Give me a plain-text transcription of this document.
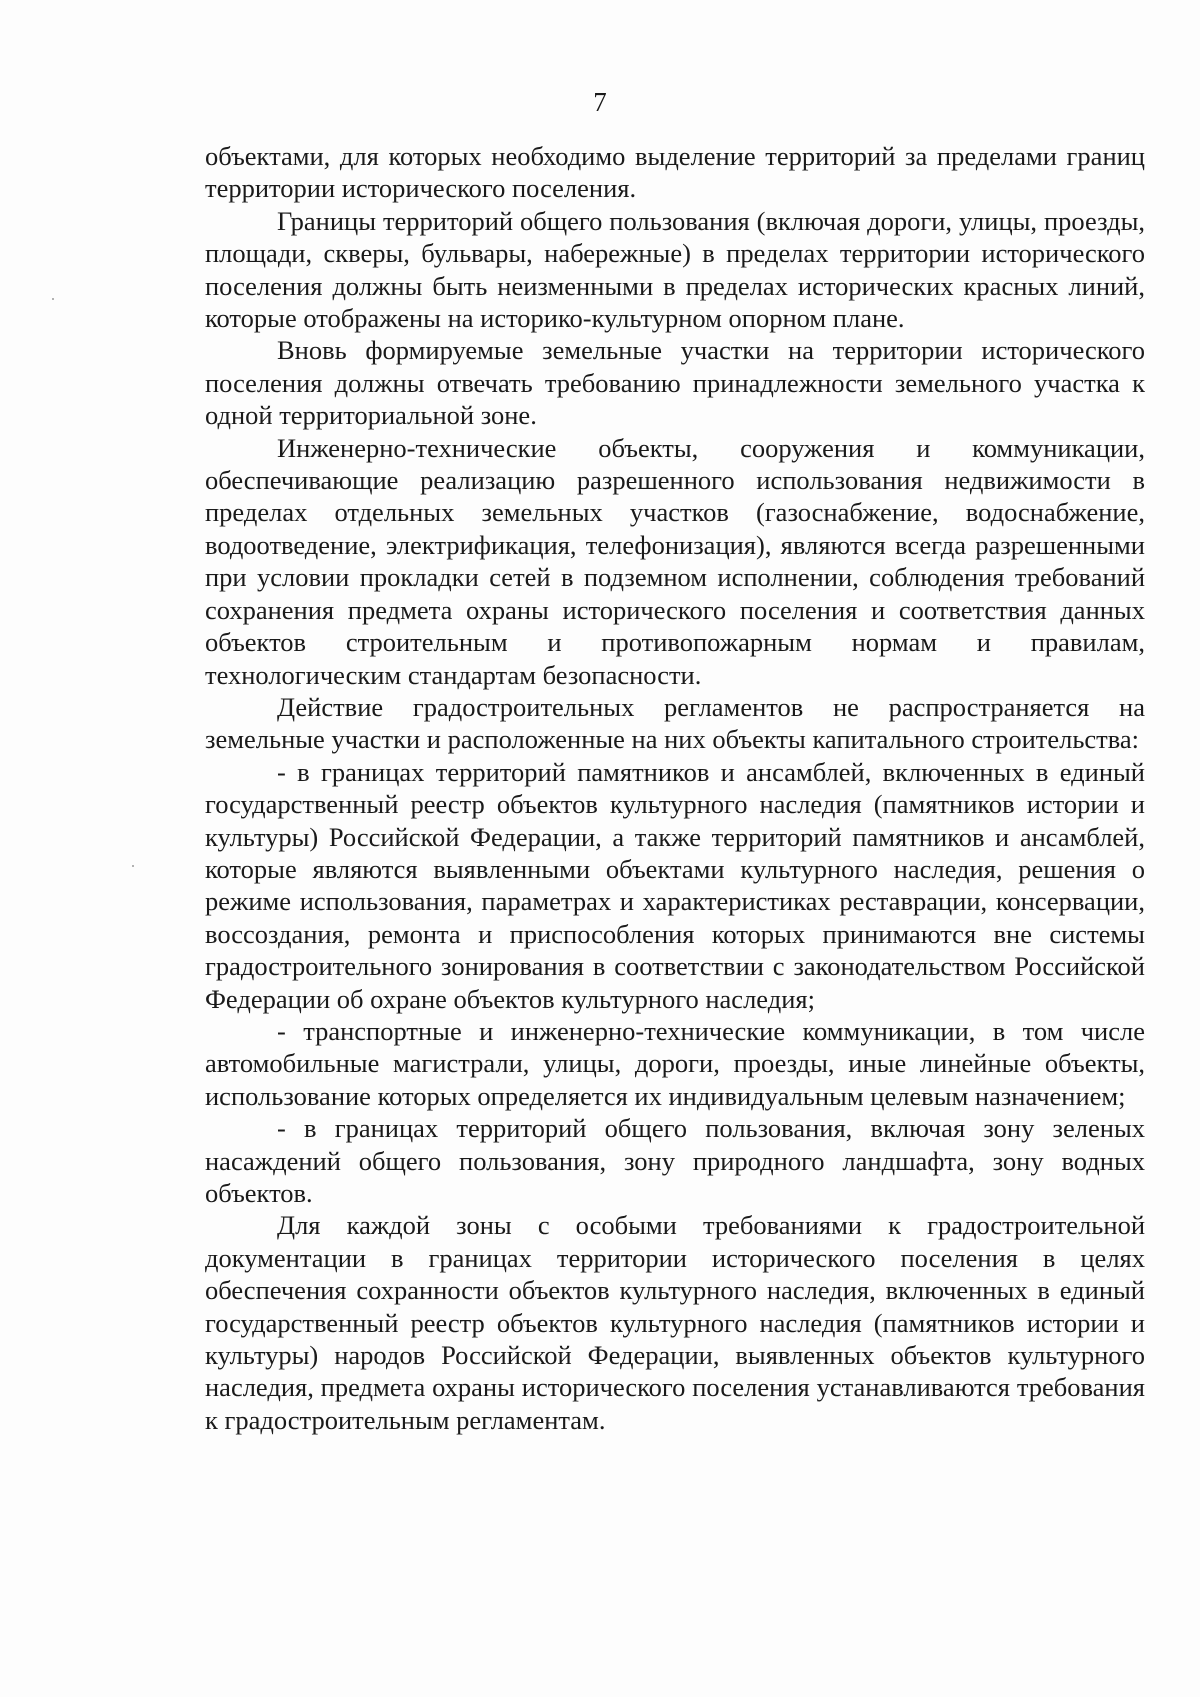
7

объектами, для которых необходимо выделение территорий за пределами границ территории исторического поселения.

Границы территорий общего пользования (включая дороги, улицы, проезды, площади, скверы, бульвары, набережные) в пределах территории исторического поселения должны быть неизменными в пределах исторических красных линий, которые отображены на историко-культурном опорном плане.

Вновь формируемые земельные участки на территории исторического поселения должны отвечать требованию принадлежности земельного участка к одной территориальной зоне.

Инженерно-технические объекты, сооружения и коммуникации, обеспечивающие реализацию разрешенного использования недвижимости в пределах отдельных земельных участков (газоснабжение, водоснабжение, водоотведение, электрификация, телефонизация), являются всегда разрешенными при условии прокладки сетей в подземном исполнении, соблюдения требований сохранения предмета охраны исторического поселения и соответствия данных объектов строительным и противопожарным нормам и правилам, технологическим стандартам безопасности.

Действие градостроительных регламентов не распространяется на земельные участки и расположенные на них объекты капитального строительства:

- в границах территорий памятников и ансамблей, включенных в единый государственный реестр объектов культурного наследия (памятников истории и культуры) Российской Федерации, а также территорий памятников и ансамблей, которые являются выявленными объектами культурного наследия, решения о режиме использования, параметрах и характеристиках реставрации, консервации, воссоздания, ремонта и приспособления которых принимаются вне системы градостроительного зонирования в соответствии с законодательством Российской Федерации об охране объектов культурного наследия;

- транспортные и инженерно-технические коммуникации, в том числе автомобильные магистрали, улицы, дороги, проезды, иные линейные объекты, использование которых определяется их индивидуальным целевым назначением;

- в границах территорий общего пользования, включая зону зеленых насаждений общего пользования, зону природного ландшафта, зону водных объектов.

Для каждой зоны с особыми требованиями к градостроительной документации в границах территории исторического поселения в целях обеспечения сохранности объектов культурного наследия, включенных в единый государственный реестр объектов культурного наследия (памятников истории и культуры) народов Российской Федерации, выявленных объектов культурного наследия, предмета охраны исторического поселения устанавливаются требования к градостроительным регламентам.
